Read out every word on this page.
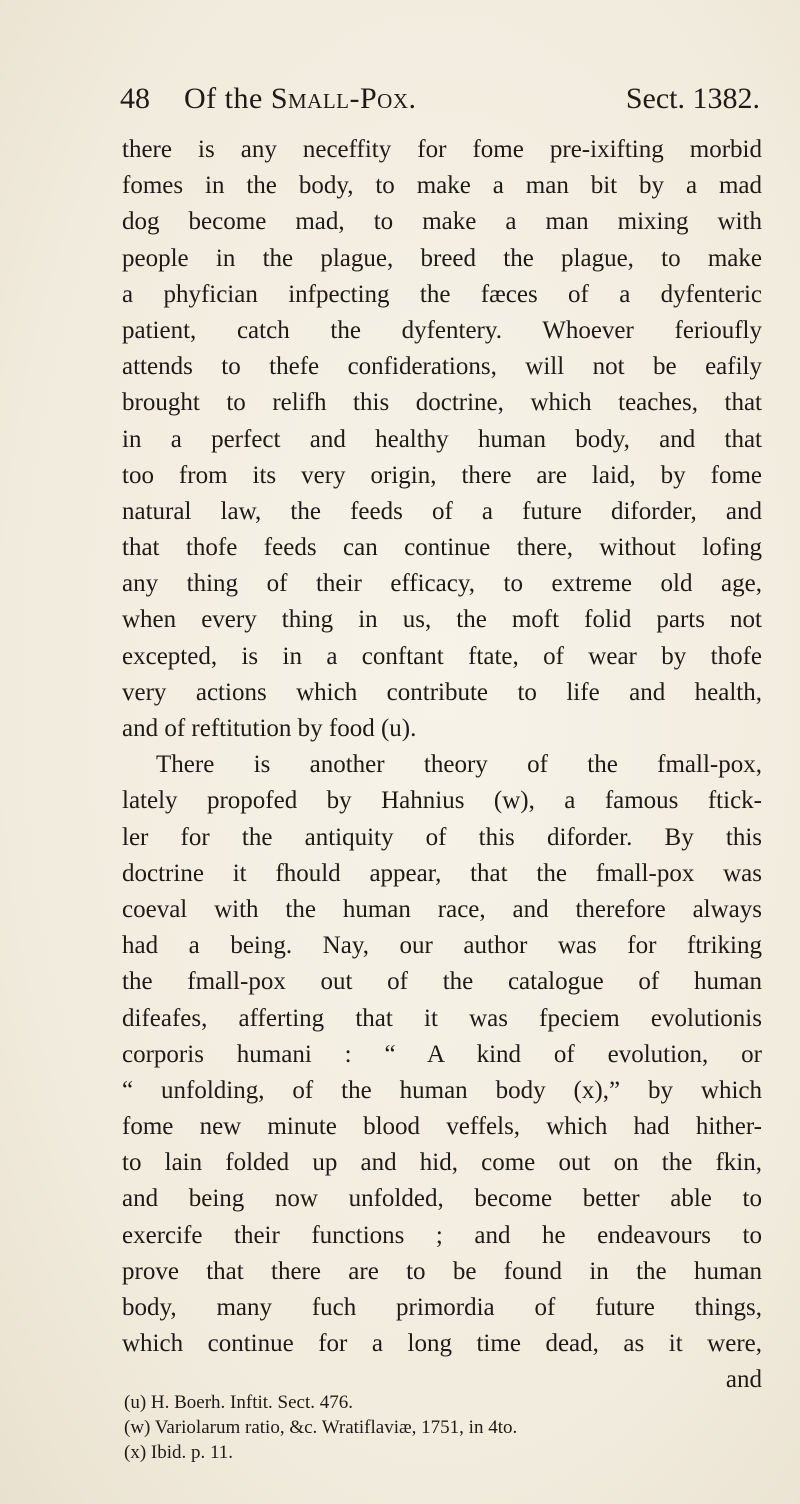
48 Of the Small-Pox.	Sect. 1382.
there is any neceffity for fome pre-ixifting morbid
fomes in the body, to make a man bit by a mad
dog become mad, to make a man mixing with
people in the plague, breed the plague, to make
a phyfician infpecting the fæces of a dyfenteric
patient, catch the dyfentery. Whoever ferioufly
attends to thefe confiderations, will not be eafily
brought to relifh this doctrine, which teaches, that
in a perfect and healthy human body, and that
too from its very origin, there are laid, by fome
natural law, the feeds of a future diforder, and
that thofe feeds can continue there, without lofing
any thing of their efficacy, to extreme old age,
when every thing in us, the moft folid parts not
excepted, is in a conftant ftate, of wear by thofe
very actions which contribute to life and health,
and of reftitution by food (u).
There is another theory of the fmall-pox,
lately propofed by Hahnius (w), a famous ftick-
ler for the antiquity of this diforder. By this
doctrine it fhould appear, that the fmall-pox was
coeval with the human race, and therefore always
had a being. Nay, our author was for ftriking
the fmall-pox out of the catalogue of human
difeafes, afferting that it was fpeciem evolutionis
corporis humani : “ A kind of evolution, or
“ unfolding, of the human body (x),” by which
fome new minute blood veffels, which had hither-
to lain folded up and hid, come out on the fkin,
and being now unfolded, become better able to
exercife their functions ; and he endeavours to
prove that there are to be found in the human
body, many fuch primordia of future things,
which continue for a long time dead, as it were,
and
(u) H. Boerh. Inftit. Sect. 476.
(w) Variolarum ratio, &c. Wratiflaviæ, 1751, in 4to.
(x) Ibid. p. 11.
